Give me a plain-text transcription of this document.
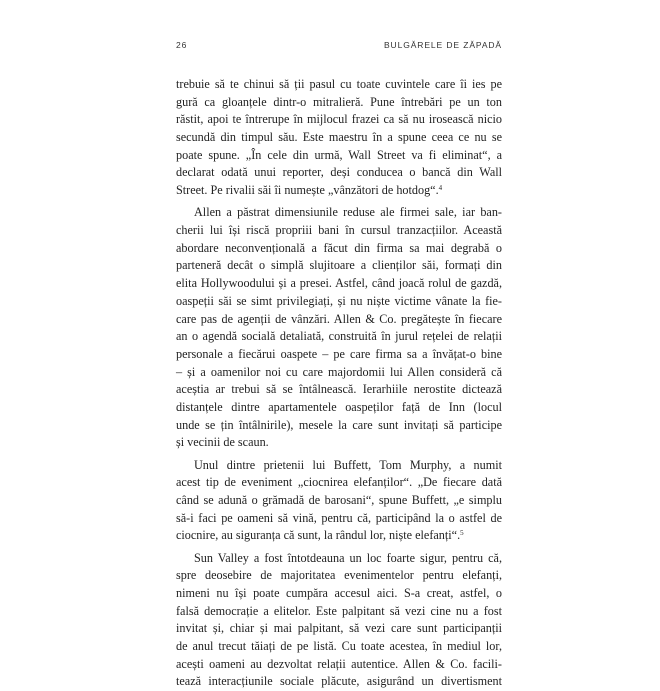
26	BULGĂRELE DE ZĂPADĂ
trebuie să te chinui să ții pasul cu toate cuvintele care îi ies pe
gură ca gloanțele dintr-o mitralieră. Pune întrebări pe un ton
răstit, apoi te întrerupe în mijlocul frazei ca să nu irosească nicio
secundă din timpul său. Este maestru în a spune ceea ce nu se
poate spune. „În cele din urmă, Wall Street va fi eliminat“, a
declarat odată unui reporter, deși conducea o bancă din Wall
Street. Pe rivalii săi îi numește „vânzători de hotdog“.$^4$
Allen a păstrat dimensiunile reduse ale firmei sale, iar ban-
cherii lui își riscă propriii bani în cursul tranzacțiilor. Această
abordare neconvențională a făcut din firma sa mai degrabă o
parteneră decât o simplă slujitoare a clienților săi, formați din
elita Hollywoodului și a presei. Astfel, când joacă rolul de gazdă,
oaspeții săi se simt privilegiați, și nu niște victime vânate la fie-
care pas de agenții de vânzări. Allen & Co. pregătește în fiecare
an o agendă socială detaliată, construită în jurul rețelei de relații
personale a fiecărui oaspete – pe care firma sa a învățat-o bine
– și a oamenilor noi cu care majordomii lui Allen consideră că
aceștia ar trebui să se întâlnească. Ierarhiile nerostite dictează
distanțele dintre apartamentele oaspeților față de Inn (locul
unde se țin întâlnirile), mesele la care sunt invitați să participe
și vecinii de scaun.
Unul dintre prietenii lui Buffett, Tom Murphy, a numit
acest tip de eveniment „ciocnirea elefanților“. „De fiecare dată
când se adună o grămadă de barosani“, spune Buffett, „e simplu
să-i faci pe oameni să vină, pentru că, participând la o astfel de
ciocnire, au siguranța că sunt, la rândul lor, niște elefanți“.$^5$
Sun Valley a fost întotdeauna un loc foarte sigur, pentru că,
spre deosebire de majoritatea evenimentelor pentru elefanți,
nimeni nu își poate cumpăra accesul aici. S-a creat, astfel, o
falsă democrație a elitelor. Este palpitant să vezi cine nu a fost
invitat și, chiar și mai palpitant, să vezi care sunt participanții
de anul trecut tăiați de pe listă. Cu toate acestea, în mediul lor,
acești oameni au dezvoltat relații autentice. Allen & Co. facili-
tează interacțiunile sociale plăcute, asigurând un divertisment
